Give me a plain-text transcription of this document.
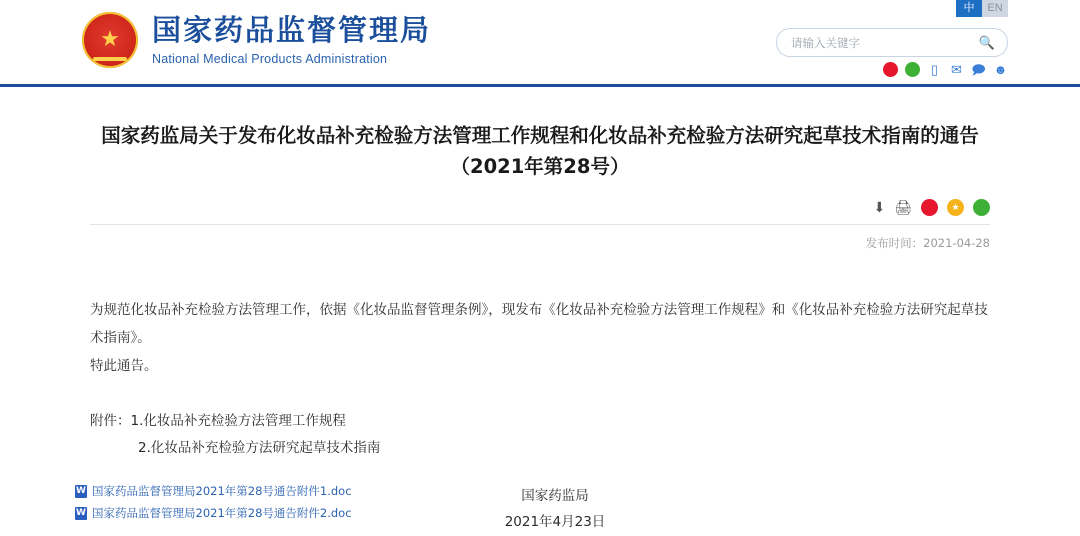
中	EN
★
国家药品监督管理局
National Medical Products Administration
请输入关键字
🔍
▯ ✉ 🗩 ☻
国家药监局关于发布化妆品补充检验方法管理工作规程和化妆品补充检验方法研究起草技术指南的通告
（2021年第28号）
⬇ 🖨	★
发布时间：2021-04-28

为规范化妆品补充检验方法管理工作，依据《化妆品监督管理条例》，现发布《化妆品补充检验方法管理工作规程》和《化妆品补充检验方法研究起草技术指南》。

特此通告。

附件：1.化妆品补充检验方法管理工作规程
2.化妆品补充检验方法研究起草技术指南
国家药监局
2021年4月23日
W 国家药品监督管理局2021年第28号通告附件1.doc
W 国家药品监督管理局2021年第28号通告附件2.doc
